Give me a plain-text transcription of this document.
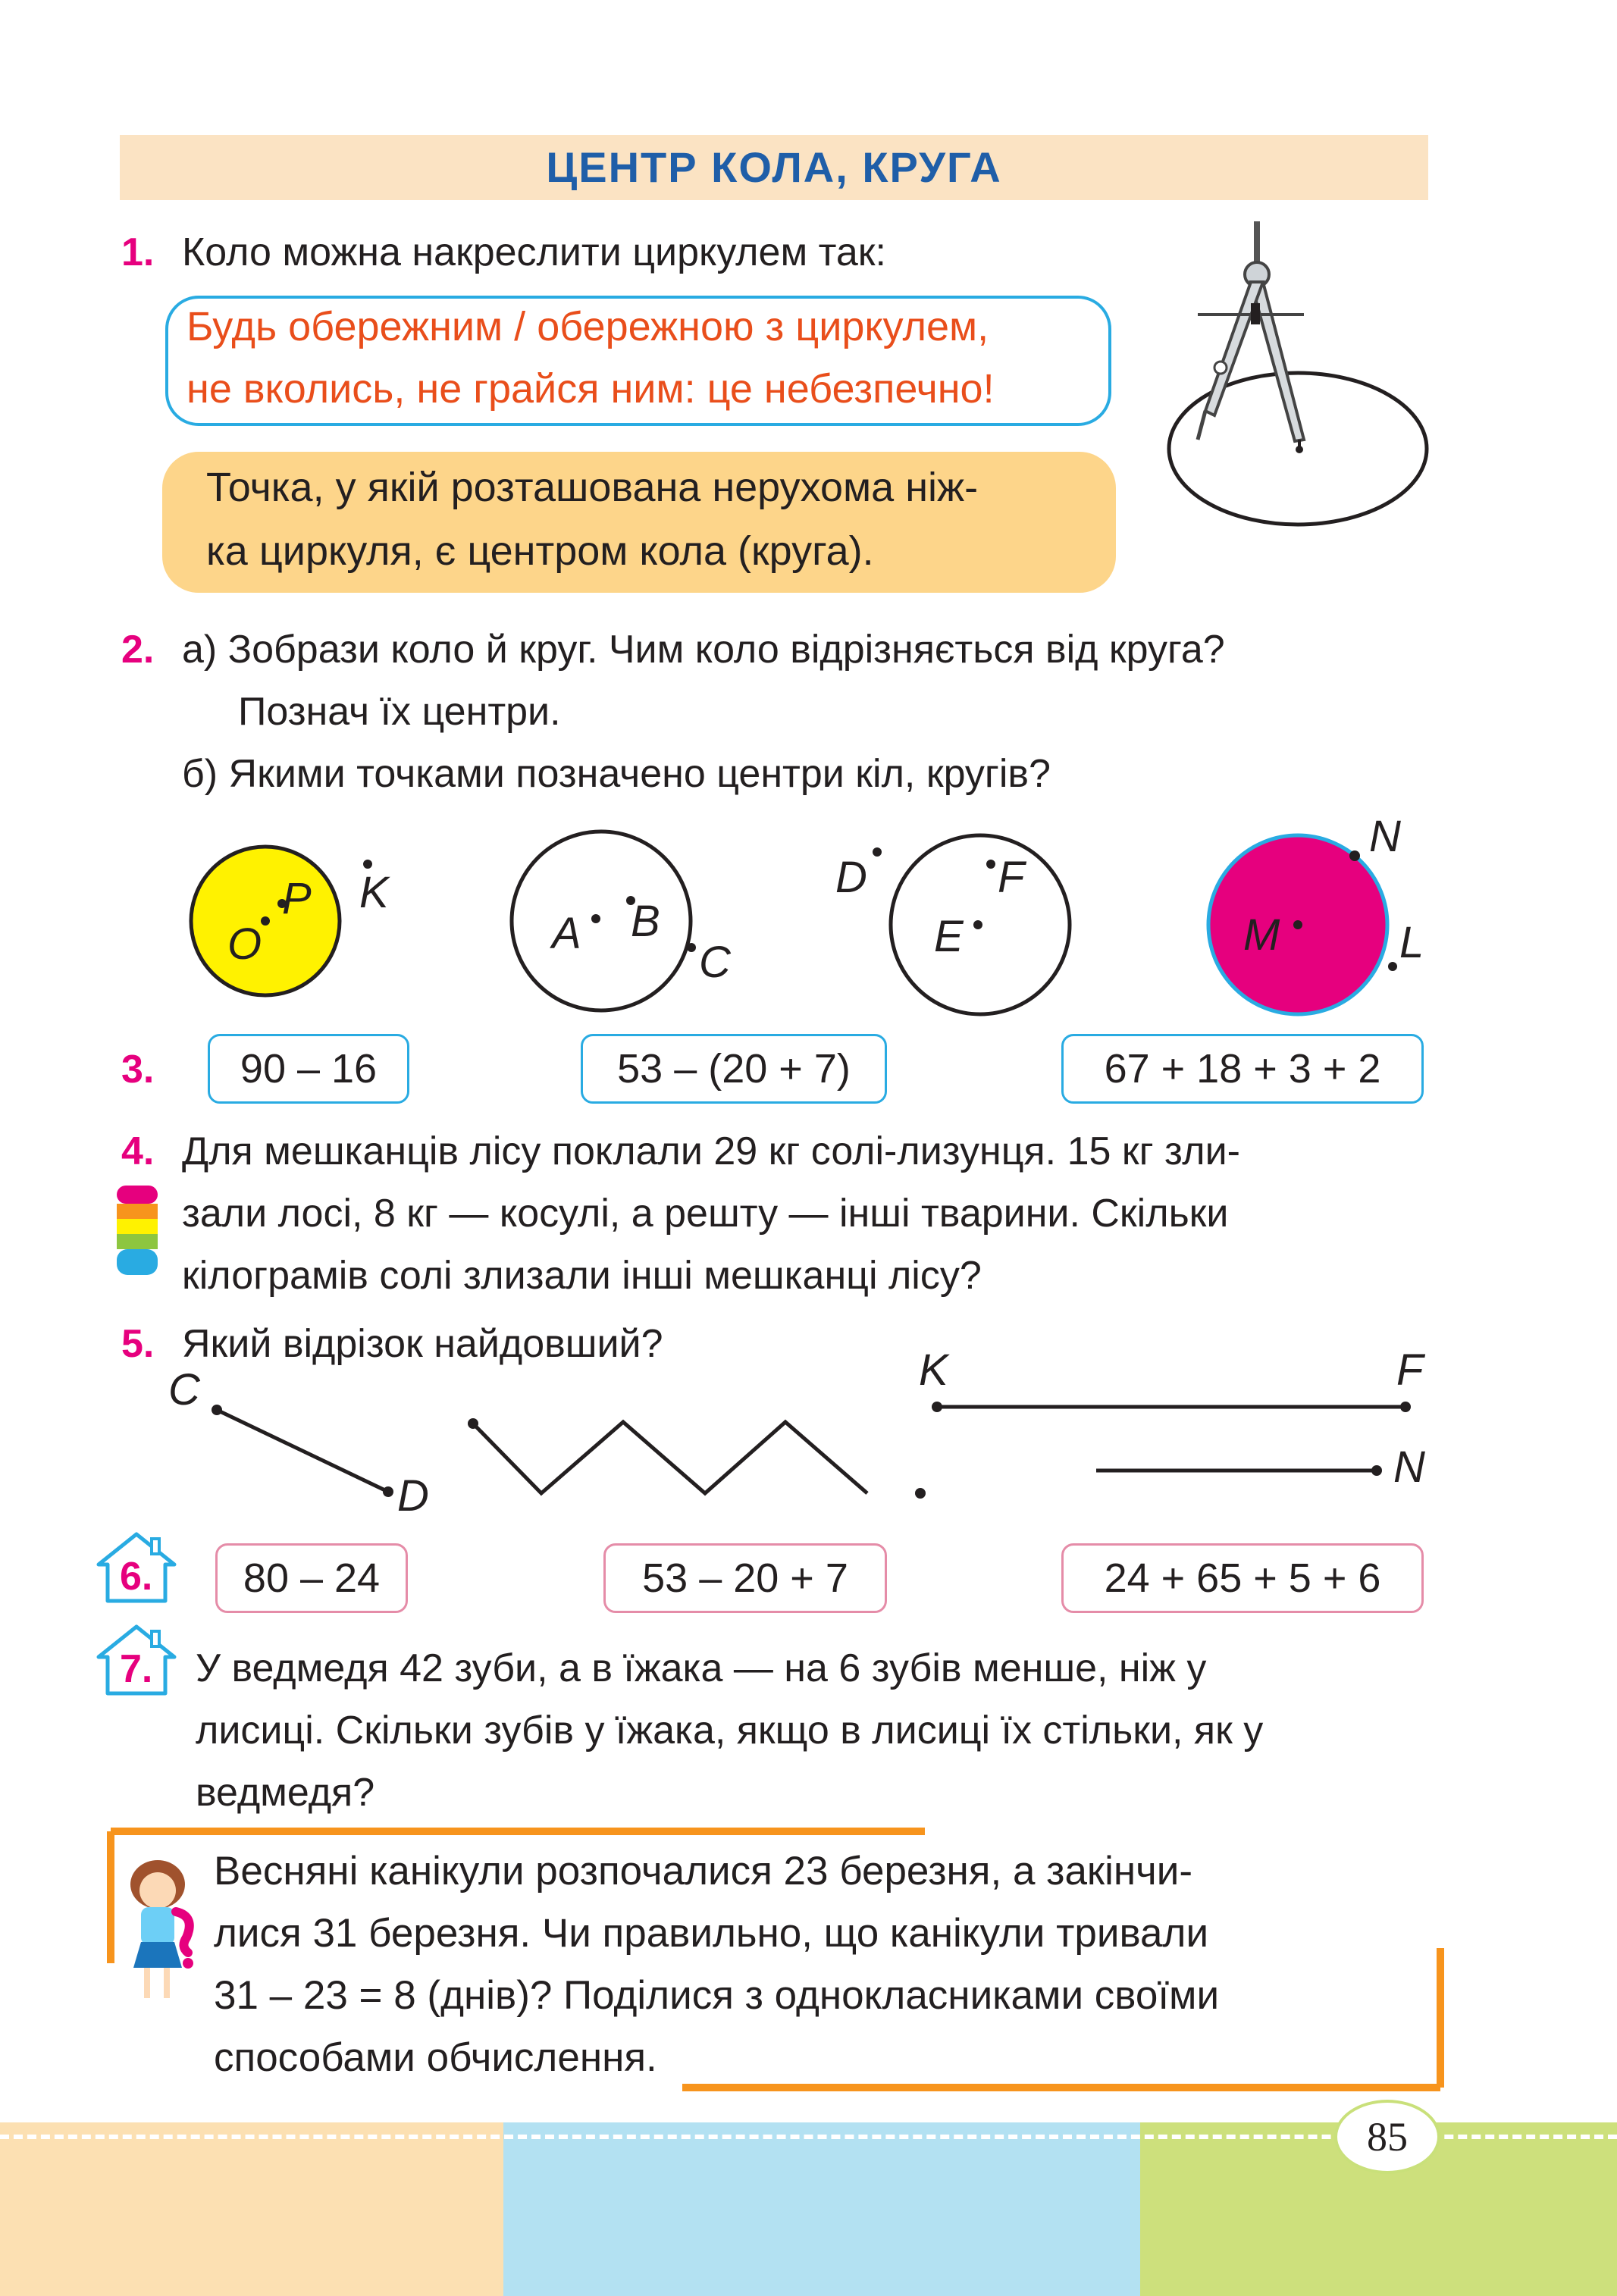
ЦЕНТР КОЛА, КРУГА
1. Коло можна накреслити циркулем так:
Будь обережним / обережною з циркулем,
не вколись, не грайся ним: це небезпечно!
Точка, у якій розташована нерухома ніж-
ка циркуля, є центром кола (круга).
2. а) Зобрази коло й круг. Чим коло відрізняється від круга?
Познач їх центри.
б) Якими точками позначено центри кіл, кругів?
P
O
K
A B
C
D	F
E	M
N
L
3.	90 – 16	53 – (20 + 7)	67 + 18 + 3 + 2
4. Для мешканців лісу поклали 29 кг солі-лизунця. 15 кг зли-
зали лосі, 8 кг — косулі, а решту — інші тварини. Скільки
кілограмів солі злизали інші мешканці лісу?
5. Який відрізок найдовший?
C
D
K	F
N
6.	80 – 24	53 – 20 + 7	24 + 65 + 5 + 6
7. У ведмедя 42 зуби, а в їжака — на 6 зубів менше, ніж у
лисиці. Скільки зубів у їжака, якщо в лисиці їх стільки, як у
ведмедя?
Весняні канікули розпочалися 23 березня, а закінчи-
лися 31 березня. Чи правильно, що канікули тривали
31 – 23 = 8 (днів)? Поділися з однокласниками своїми
способами обчислення.
85
